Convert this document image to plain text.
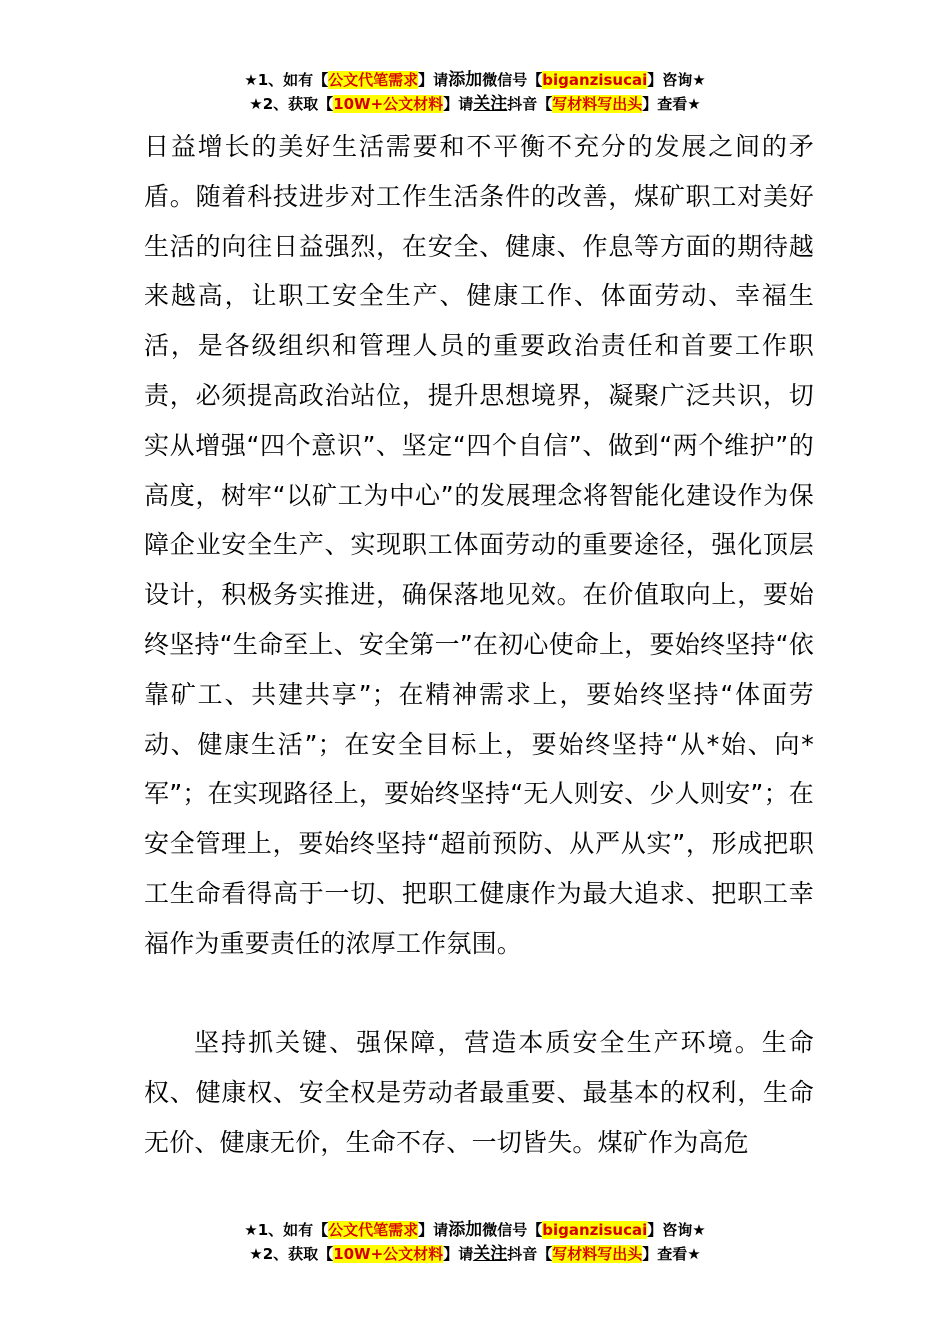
★1、如有【公文代笔需求】请添加微信号【biganzisucai】咨询★
★2、获取【10W+公文材料】请关注抖音【写材料写出头】查看★

日益增长的美好生活需要和不平衡不充分的发展之间的矛盾。随着科技进步对工作生活条件的改善，煤矿职工对美好生活的向往日益强烈，在安全、健康、作息等方面的期待越来越高，让职工安全生产、健康工作、体面劳动、幸福生活，是各级组织和管理人员的重要政治责任和首要工作职责，必须提高政治站位，提升思想境界，凝聚广泛共识，切实从增强“四个意识”、坚定“四个自信”、做到“两个维护”的高度，树牢“以矿工为中心”的发展理念将智能化建设作为保障企业安全生产、实现职工体面劳动的重要途径，强化顶层设计，积极务实推进，确保落地见效。在价值取向上，要始终坚持“生命至上、安全第一”在初心使命上，要始终坚持“依靠矿工、共建共享”；在精神需求上，要始终坚持“体面劳动、健康生活”；在安全目标上，要始终坚持“从*始、向*军”；在实现路径上，要始终坚持“无人则安、少人则安”；在安全管理上，要始终坚持“超前预防、从严从实”，形成把职工生命看得高于一切、把职工健康作为最大追求、把职工幸福作为重要责任的浓厚工作氛围。

坚持抓关键、强保障，营造本质安全生产环境。生命权、健康权、安全权是劳动者最重要、最基本的权利，生命无价、健康无价，生命不存、一切皆失。煤矿作为高危

★1、如有【公文代笔需求】请添加微信号【biganzisucai】咨询★
★2、获取【10W+公文材料】请关注抖音【写材料写出头】查看★
